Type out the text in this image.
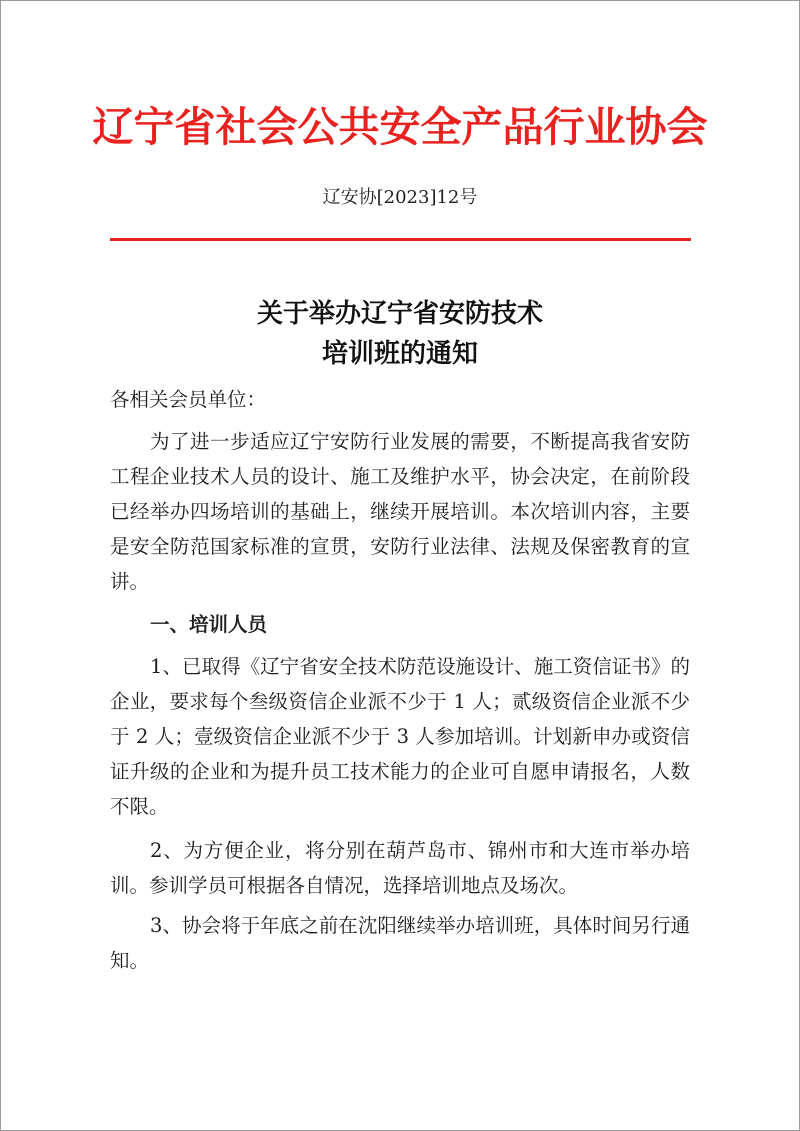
辽宁省社会公共安全产品行业协会
辽安协[2023]12号
关于举办辽宁省安防技术
培训班的通知
各相关会员单位：
为了进一步适应辽宁安防行业发展的需要，不断提高我省安防工程企业技术人员的设计、施工及维护水平，协会决定，在前阶段已经举办四场培训的基础上，继续开展培训。本次培训内容，主要是安全防范国家标准的宣贯，安防行业法律、法规及保密教育的宣讲。
一、培训人员
1、已取得《辽宁省安全技术防范设施设计、施工资信证书》的企业，要求每个叁级资信企业派不少于 1 人；贰级资信企业派不少于 2 人；壹级资信企业派不少于 3 人参加培训。计划新申办或资信证升级的企业和为提升员工技术能力的企业可自愿申请报名，人数不限。
2、为方便企业，将分别在葫芦岛市、锦州市和大连市举办培训。参训学员可根据各自情况，选择培训地点及场次。
3、协会将于年底之前在沈阳继续举办培训班，具体时间另行通知。
